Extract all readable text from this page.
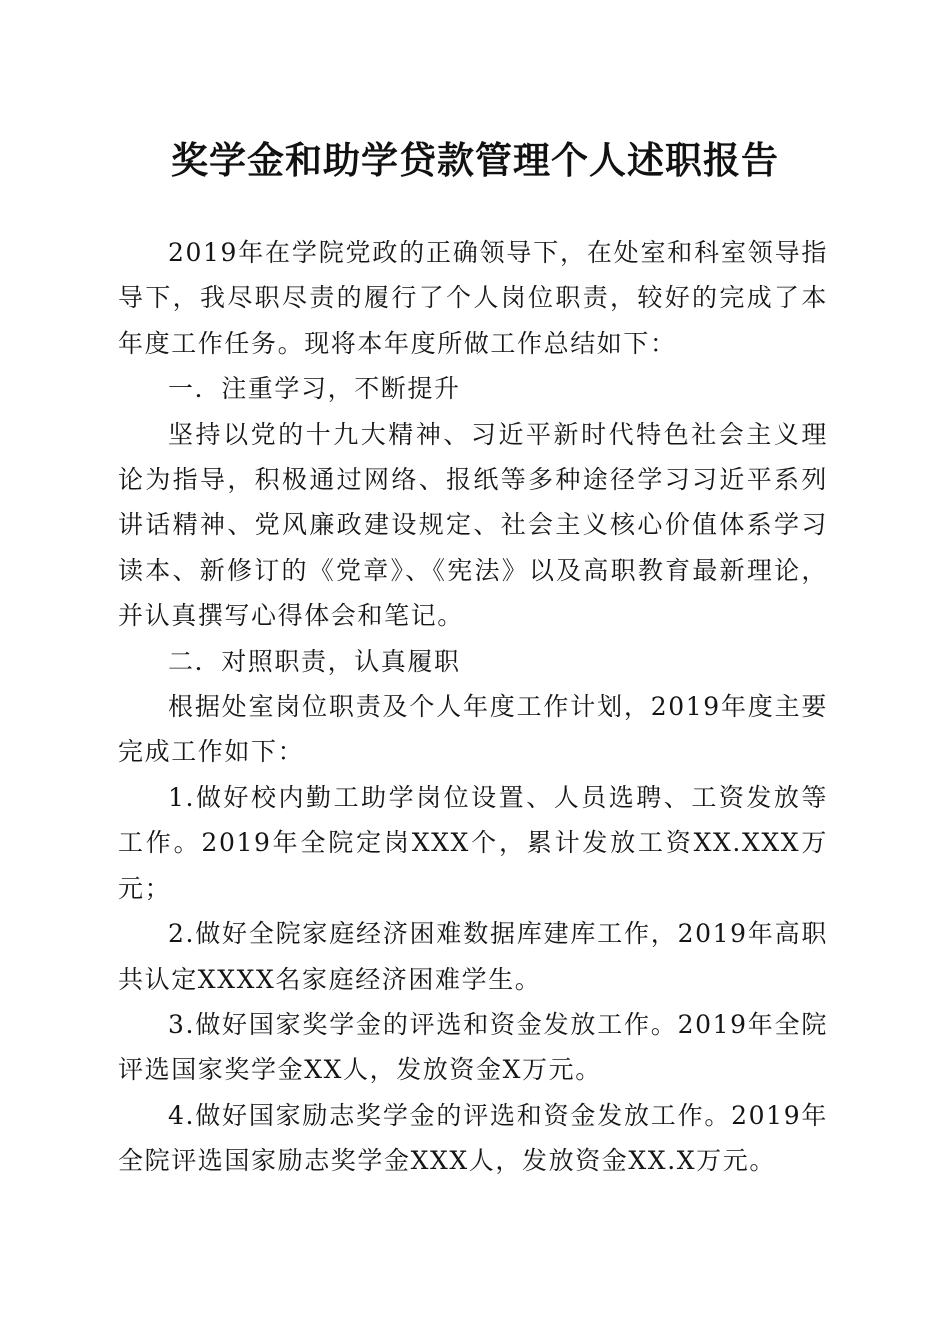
奖学金和助学贷款管理个人述职报告

2019年在学院党政的正确领导下，在处室和科室领导指导下，我尽职尽责的履行了个人岗位职责，较好的完成了本年度工作任务。现将本年度所做工作总结如下：

一．注重学习，不断提升

坚持以党的十九大精神、习近平新时代特色社会主义理论为指导，积极通过网络、报纸等多种途径学习习近平系列讲话精神、党风廉政建设规定、社会主义核心价值体系学习读本、新修订的《党章》、《宪法》以及高职教育最新理论，并认真撰写心得体会和笔记。

二．对照职责，认真履职

根据处室岗位职责及个人年度工作计划，2019年度主要完成工作如下：

1.做好校内勤工助学岗位设置、人员选聘、工资发放等工作。2019年全院定岗XXX个，累计发放工资XX.XXX万元；

2.做好全院家庭经济困难数据库建库工作，2019年高职共认定XXXX名家庭经济困难学生。

3.做好国家奖学金的评选和资金发放工作。2019年全院评选国家奖学金XX人，发放资金X万元。

4.做好国家励志奖学金的评选和资金发放工作。2019年全院评选国家励志奖学金XXX人，发放资金XX.X万元。
